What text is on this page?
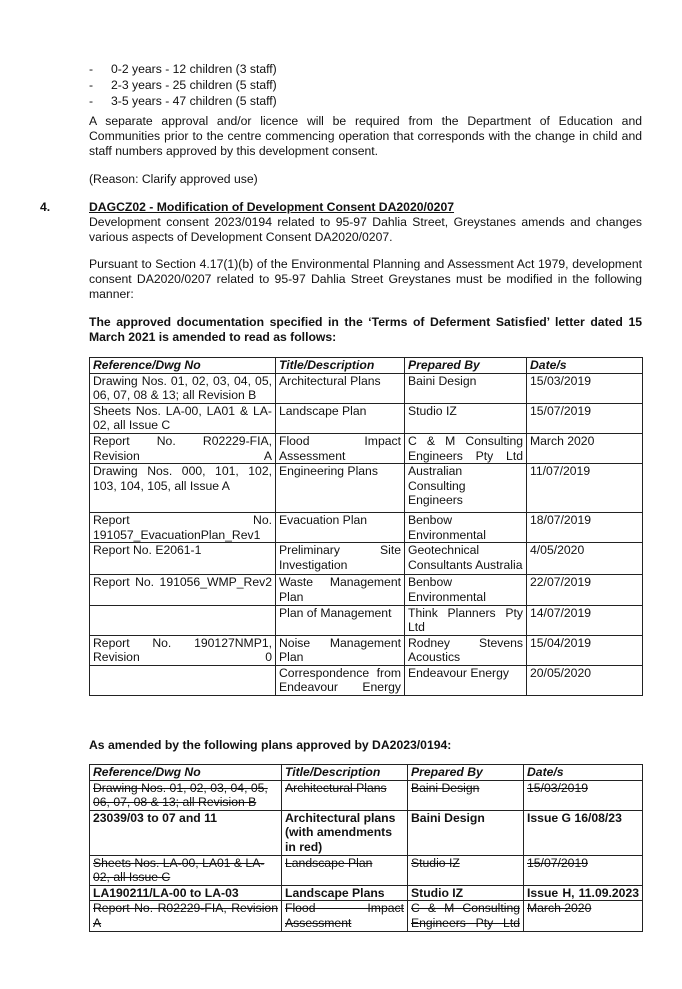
-	0-2 years - 12 children (3 staff)
-	2-3 years - 25 children (5 staff)
-	3-5 years - 47 children (5 staff)

A separate approval and/or licence will be required from the Department of Education and Communities prior to the centre commencing operation that corresponds with the change in child and staff numbers approved by this development consent.

(Reason: Clarify approved use)

4.	DAGCZ02 - Modification of Development Consent DA2020/0207
Development consent 2023/0194 related to 95-97 Dahlia Street, Greystanes amends and changes various aspects of Development Consent DA2020/0207.

Pursuant to Section 4.17(1)(b) of the Environmental Planning and Assessment Act 1979, development consent DA2020/0207 related to 95-97 Dahlia Street Greystanes must be modified in the following manner:

The approved documentation specified in the ‘Terms of Deferment Satisfied’ letter dated 15 March 2021 is amended to read as follows:

Reference/Dwg No	Title/Description	Prepared By	Date/s
Drawing Nos. 01, 02, 03, 04, 05, 06, 07, 08 & 13; all Revision B	Architectural Plans	Baini Design	15/03/2019
Sheets Nos. LA-00, LA01 & LA-02, all Issue C	Landscape Plan	Studio IZ	15/07/2019
Report No. R02229-FIA, Revision A	Flood Impact Assessment	C & M Consulting Engineers Pty Ltd	March 2020
Drawing Nos. 000, 101, 102, 103, 104, 105, all Issue A	Engineering Plans	Australian Consulting Engineers	11/07/2019
Report No. 191057_EvacuationPlan_Rev1	Evacuation Plan	Benbow Environmental	18/07/2019
Report No. E2061-1	Preliminary Site Investigation	Geotechnical Consultants Australia	4/05/2020
Report No. 191056_WMP_Rev2	Waste Management Plan	Benbow Environmental	22/07/2019
	Plan of Management	Think Planners Pty Ltd	14/07/2019
Report No. 190127NMP1, Revision 0	Noise Management Plan	Rodney Stevens Acoustics	15/04/2019
	Correspondence from Endeavour Energy	Endeavour Energy	20/05/2020

As amended by the following plans approved by DA2023/0194:

Reference/Dwg No	Title/Description	Prepared By	Date/s
Drawing Nos. 01, 02, 03, 04, 05, 06, 07, 08 & 13; all Revision B	Architectural Plans	Baini Design	15/03/2019
23039/03 to 07 and 11	Architectural plans (with amendments in red)	Baini Design	Issue G 16/08/23
Sheets Nos. LA-00, LA01 & LA-02, all Issue C	Landscape Plan	Studio IZ	15/07/2019
LA190211/LA-00 to LA-03	Landscape Plans	Studio IZ	Issue H, 11.09.2023
Report No. R02229-FIA, Revision A	Flood Impact Assessment	C & M Consulting Engineers Pty Ltd	March 2020
